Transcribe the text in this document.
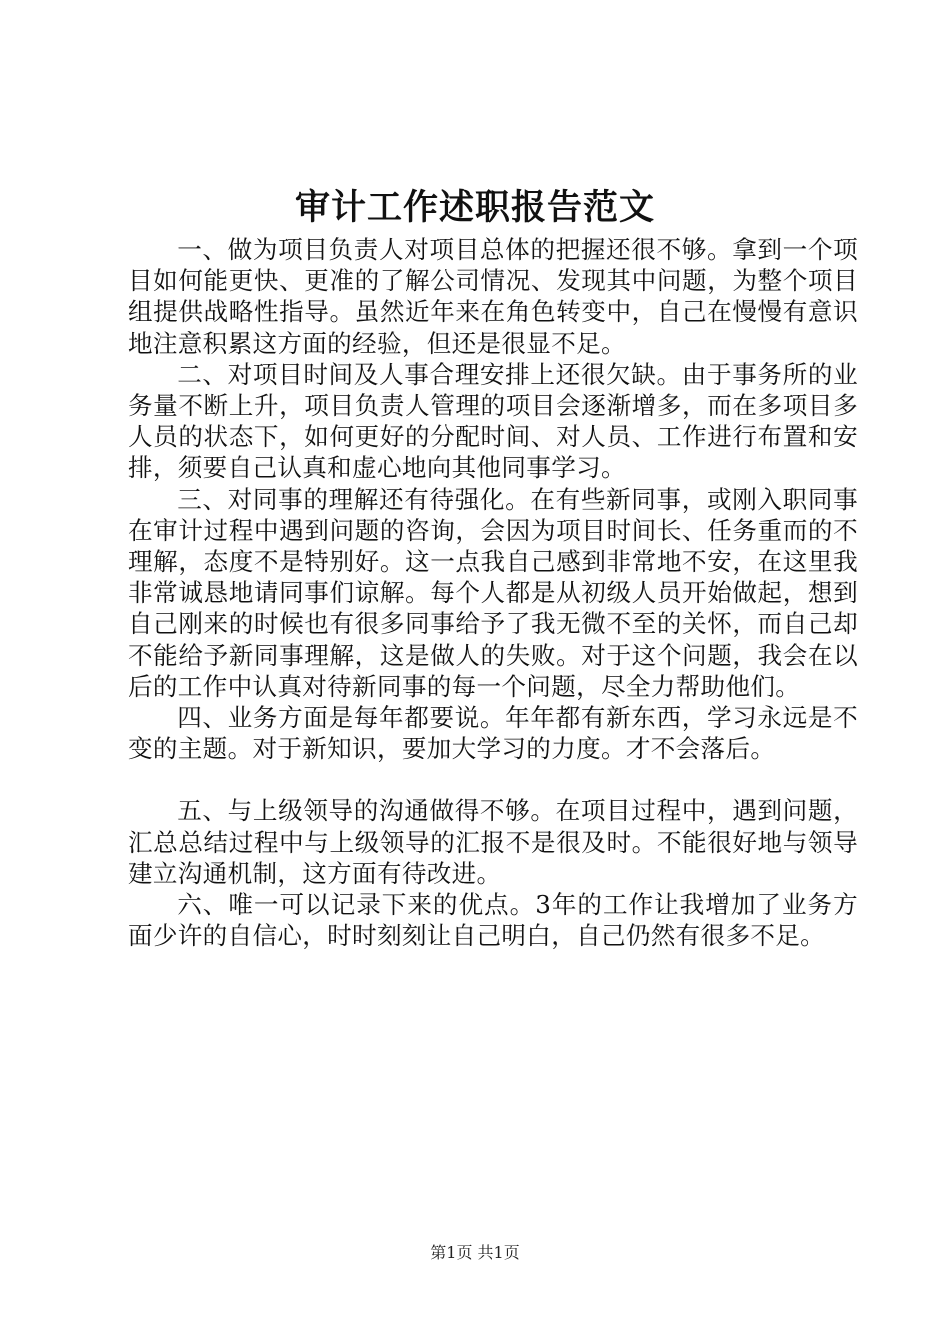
审计工作述职报告范文

一、做为项目负责人对项目总体的把握还很不够。拿到一个项目如何能更快、更准的了解公司情况、发现其中问题，为整个项目组提供战略性指导。虽然近年来在角色转变中，自己在慢慢有意识地注意积累这方面的经验，但还是很显不足。

二、对项目时间及人事合理安排上还很欠缺。由于事务所的业务量不断上升，项目负责人管理的项目会逐渐增多，而在多项目多人员的状态下，如何更好的分配时间、对人员、工作进行布置和安排，须要自己认真和虚心地向其他同事学习。

三、对同事的理解还有待强化。在有些新同事，或刚入职同事在审计过程中遇到问题的咨询，会因为项目时间长、任务重而的不理解，态度不是特别好。这一点我自己感到非常地不安，在这里我非常诚恳地请同事们谅解。每个人都是从初级人员开始做起，想到自己刚来的时候也有很多同事给予了我无微不至的关怀，而自己却不能给予新同事理解，这是做人的失败。对于这个问题，我会在以后的工作中认真对待新同事的每一个问题，尽全力帮助他们。

四、业务方面是每年都要说。年年都有新东西，学习永远是不变的主题。对于新知识，要加大学习的力度。才不会落后。

五、与上级领导的沟通做得不够。在项目过程中，遇到问题，汇总总结过程中与上级领导的汇报不是很及时。不能很好地与领导建立沟通机制，这方面有待改进。

六、唯一可以记录下来的优点。3年的工作让我增加了业务方面少许的自信心，时时刻刻让自己明白，自己仍然有很多不足。

第1页 共1页
